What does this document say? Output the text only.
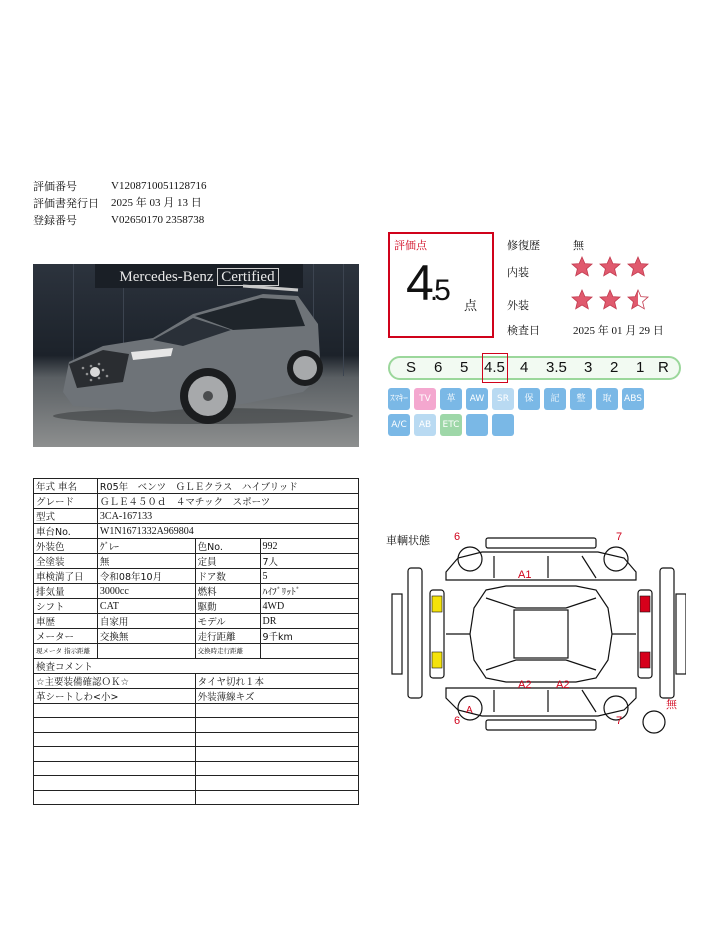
評価番号	V1208710051128716
評価書発行日	2025 年 03 月 13 日
登録番号	V02650170 2358738
Mercedes-Benz Certified
評価点
4.5 点
修復歴	無
内装
外装
検査日	2025 年 01 月 29 日
S 6 5 4.5 4 3.5 3 2 1 R
ｽﾏｷｰ	TV	革	AW	SR	保	記	整	取	ABS
A/C	AB	ETC
年式 車名	R05年　ベンツ　ＧＬＥクラス　ハイブリッド		
グレード	ＧＬＥ４５０ｄ　４マチック　スポーツ		
型式	3CA-167133		
車台No.	W1N1671332A969804		
外装色	ｸﾞﾚｰ	色No.	992
全塗装	無	定員	7人
車検満了日	令和08年10月	ドア数	5
排気量	3000cc	燃料	ﾊｲﾌﾞﾘｯﾄﾞ
シフト	CAT	駆動	4WD
車歴	自家用	モデル	DR
メーター	交換無	走行距離	9千km
現メータ 指示距離		交換時走行距離	
検査コメント			
☆主要装備確認ＯＫ☆		タイヤ切れ１本	
革シートしわ<小>		外装薄線キズ	

車輌状態 6	7
A1
A2 A2
A
6	7
無
